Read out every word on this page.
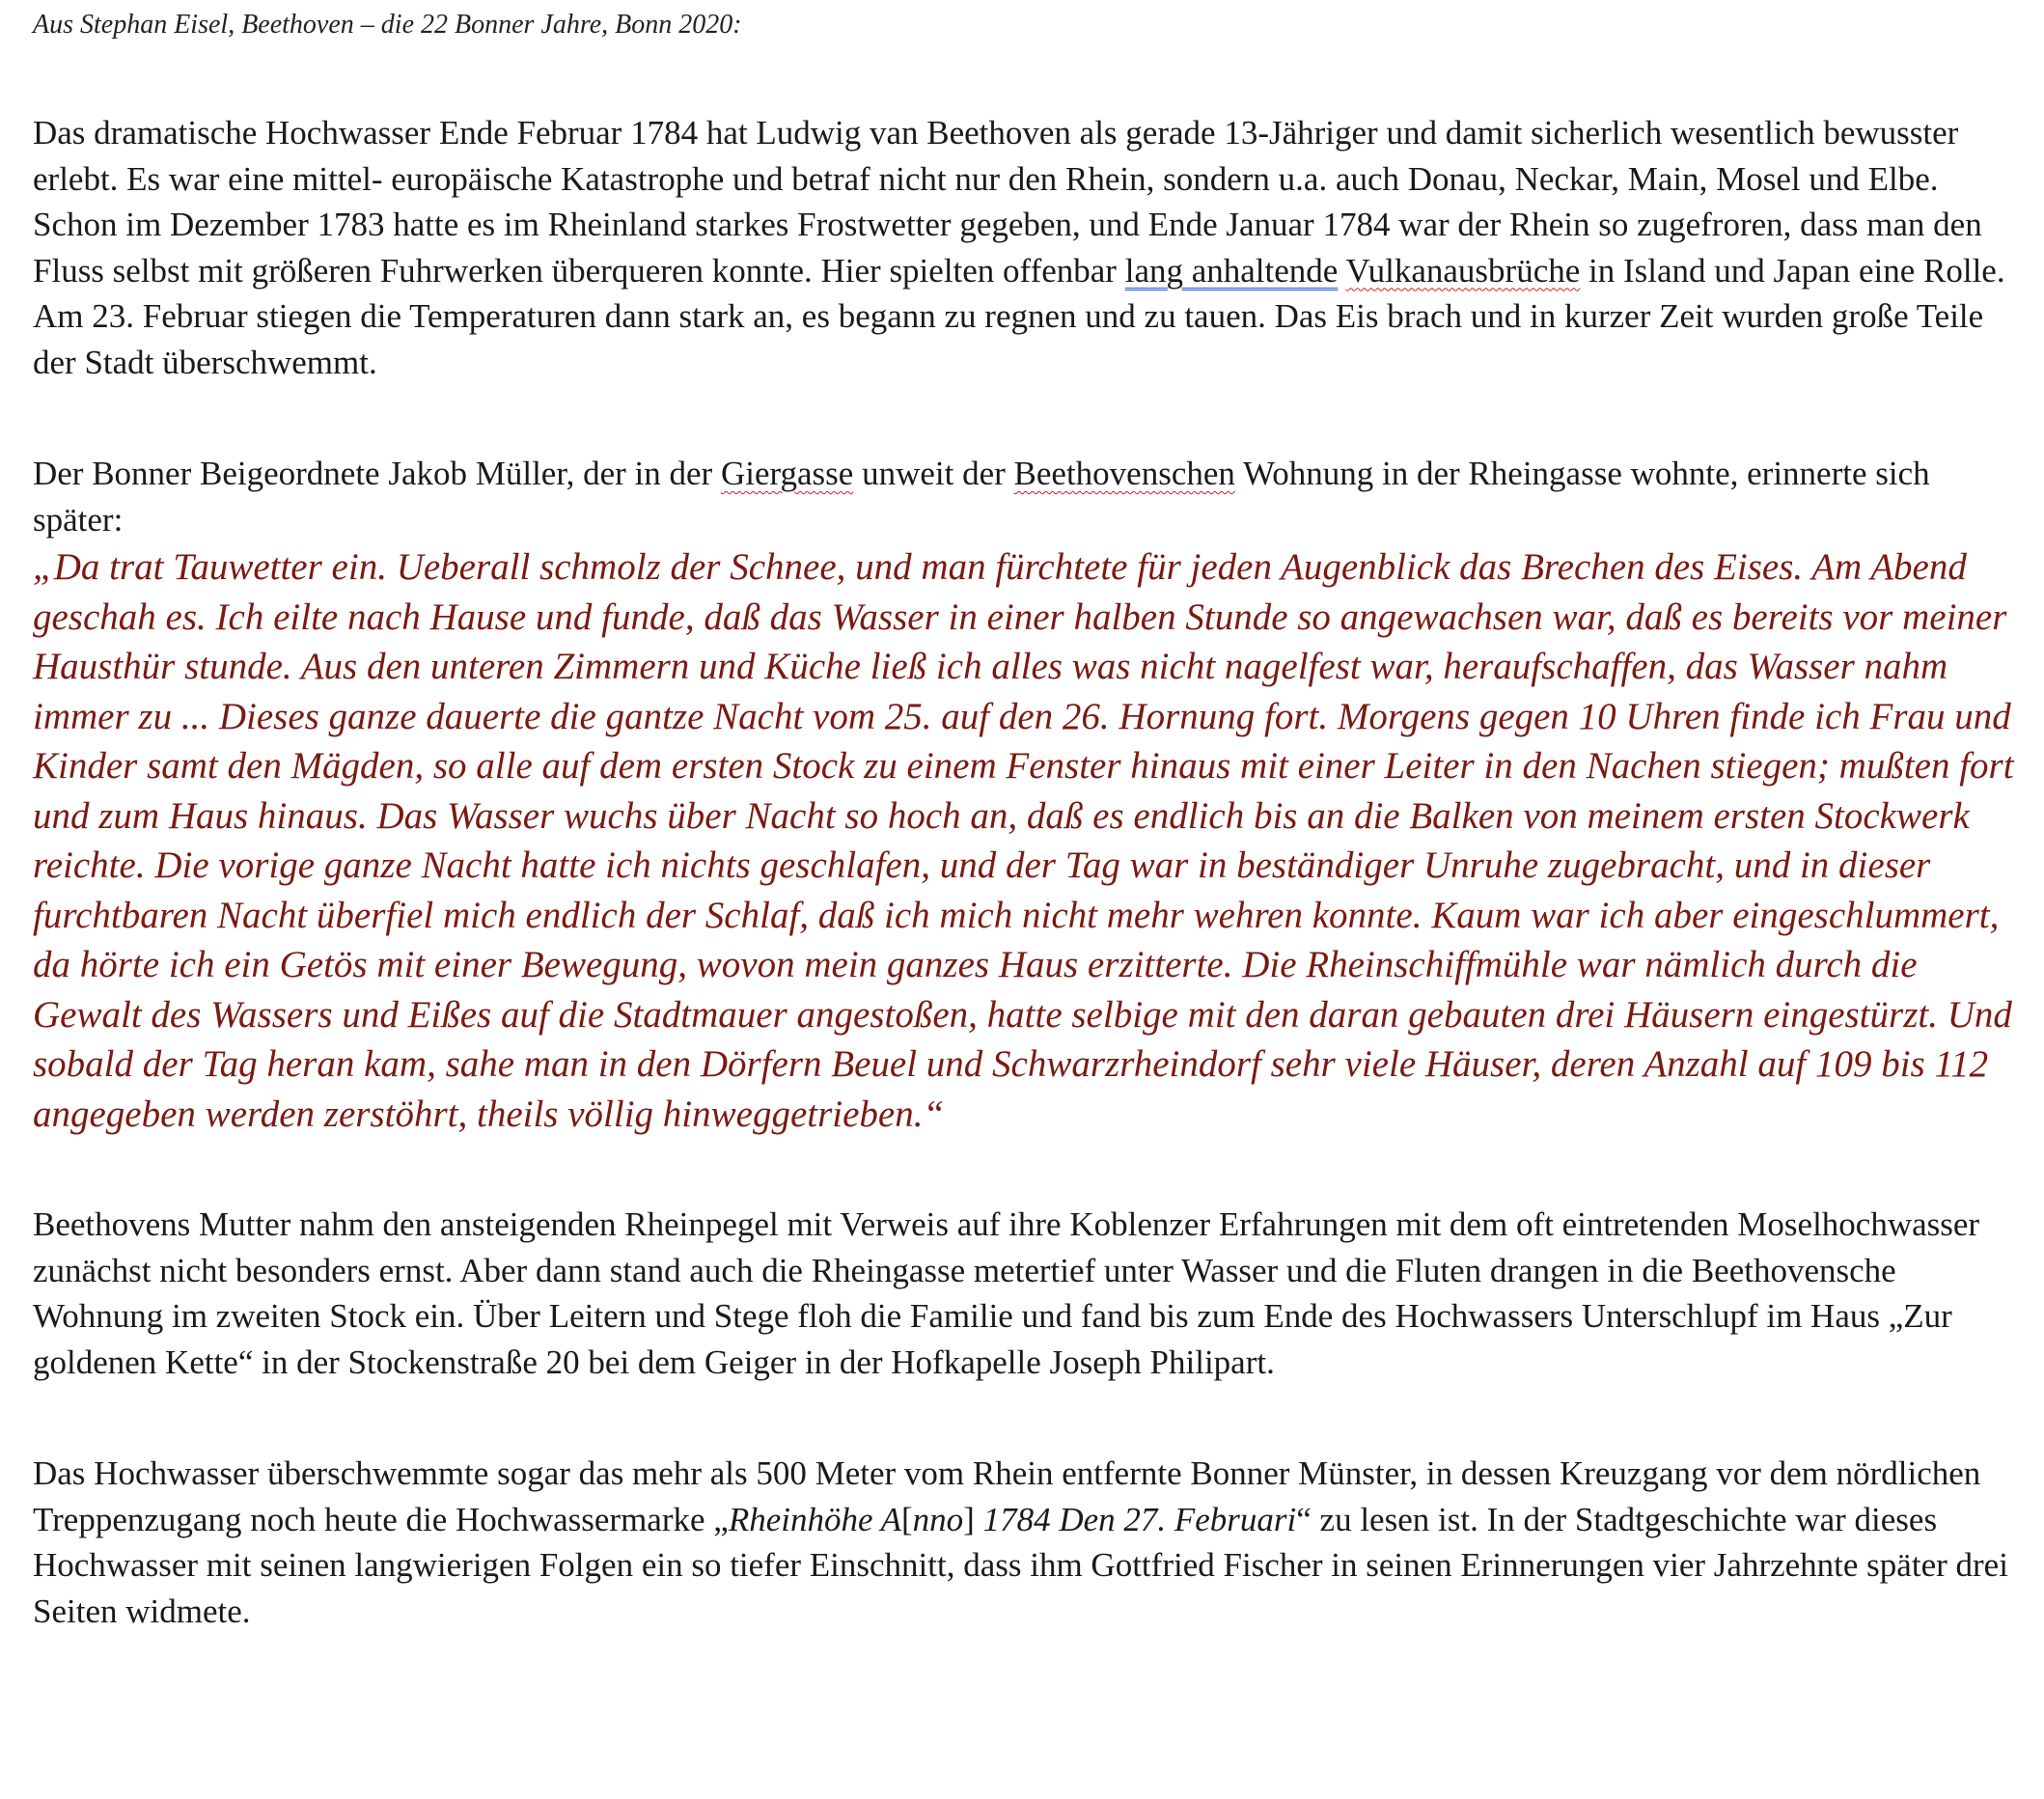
Aus Stephan Eisel, Beethoven – die 22 Bonner Jahre, Bonn 2020:

Das dramatische Hochwasser Ende Februar 1784 hat Ludwig van Beethoven als gerade 13-Jähriger und damit sicherlich wesentlich bewusster erlebt. Es war eine mittel- europäische Katastrophe und betraf nicht nur den Rhein, sondern u.a. auch Donau, Neckar, Main, Mosel und Elbe. Schon im Dezember 1783 hatte es im Rheinland starkes Frostwetter gegeben, und Ende Januar 1784 war der Rhein so zugefroren, dass man den Fluss selbst mit größeren Fuhrwerken überqueren konnte. Hier spielten offenbar lang anhaltende Vulkanausbrüche in Island und Japan eine Rolle. Am 23. Februar stiegen die Temperaturen dann stark an, es begann zu regnen und zu tauen. Das Eis brach und in kurzer Zeit wurden große Teile der Stadt überschwemmt.

Der Bonner Beigeordnete Jakob Müller, der in der Giergasse unweit der Beethovenschen Wohnung in der Rheingasse wohnte, erinnerte sich später:

„Da trat Tauwetter ein. Ueberall schmolz der Schnee, und man fürchtete für jeden Augenblick das Brechen des Eises. Am Abend geschah es. Ich eilte nach Hause und funde, daß das Wasser in einer halben Stunde so angewachsen war, daß es bereits vor meiner Hausthür stunde. Aus den unteren Zimmern und Küche ließ ich alles was nicht nagelfest war, heraufschaffen, das Wasser nahm immer zu ... Dieses ganze dauerte die gantze Nacht vom 25. auf den 26. Hornung fort. Morgens gegen 10 Uhren finde ich Frau und Kinder samt den Mägden, so alle auf dem ersten Stock zu einem Fenster hinaus mit einer Leiter in den Nachen stiegen; mußten fort und zum Haus hinaus. Das Wasser wuchs über Nacht so hoch an, daß es endlich bis an die Balken von meinem ersten Stockwerk reichte. Die vorige ganze Nacht hatte ich nichts geschlafen, und der Tag war in beständiger Unruhe zugebracht, und in dieser furchtbaren Nacht überfiel mich endlich der Schlaf, daß ich mich nicht mehr wehren konnte. Kaum war ich aber eingeschlummert, da hörte ich ein Getös mit einer Bewegung, wovon mein ganzes Haus erzitterte. Die Rheinschiffmühle war nämlich durch die Gewalt des Wassers und Eißes auf die Stadtmauer angestoßen, hatte selbige mit den daran gebauten drei Häusern eingestürzt. Und sobald der Tag heran kam, sahe man in den Dörfern Beuel und Schwarzrheindorf sehr viele Häuser, deren Anzahl auf 109 bis 112 angegeben werden zerstöhrt, theils völlig hinweggetrieben.“

Beethovens Mutter nahm den ansteigenden Rheinpegel mit Verweis auf ihre Koblenzer Erfahrungen mit dem oft eintretenden Moselhochwasser zunächst nicht besonders ernst. Aber dann stand auch die Rheingasse metertief unter Wasser und die Fluten drangen in die Beethovensche Wohnung im zweiten Stock ein. Über Leitern und Stege floh die Familie und fand bis zum Ende des Hochwassers Unterschlupf im Haus „Zur goldenen Kette“ in der Stockenstraße 20 bei dem Geiger in der Hofkapelle Joseph Philipart.

Das Hochwasser überschwemmte sogar das mehr als 500 Meter vom Rhein entfernte Bonner Münster, in dessen Kreuzgang vor dem nördlichen Treppenzugang noch heute die Hochwassermarke „Rheinhöhe A[nno] 1784 Den 27. Februari“ zu lesen ist. In der Stadtgeschichte war dieses Hochwasser mit seinen langwierigen Folgen ein so tiefer Einschnitt, dass ihm Gottfried Fischer in seinen Erinnerungen vier Jahrzehnte später drei Seiten widmete.
